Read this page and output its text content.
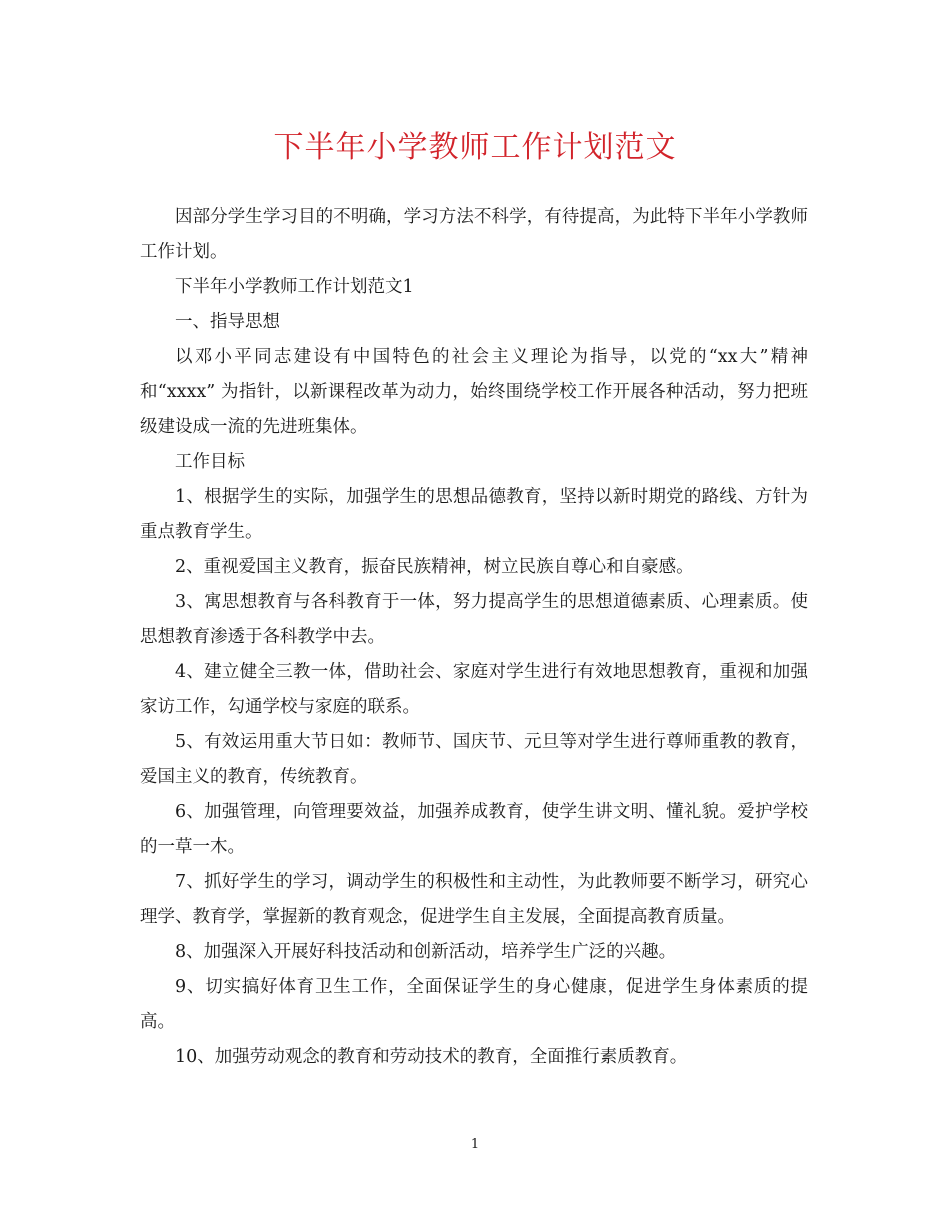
下半年小学教师工作计划范文

因部分学生学习目的不明确，学习方法不科学，有待提高，为此特下半年小学教师工作计划。

下半年小学教师工作计划范文1

一、指导思想

以邓小平同志建设有中国特色的社会主义理论为指导，以党的“xx大”精神和“xxxx” 为指针，以新课程改革为动力，始终围绕学校工作开展各种活动，努力把班级建设成一流的先进班集体。

工作目标

1、根据学生的实际，加强学生的思想品德教育，坚持以新时期党的路线、方针为重点教育学生。

2、重视爱国主义教育，振奋民族精神，树立民族自尊心和自豪感。

3、寓思想教育与各科教育于一体，努力提高学生的思想道德素质、心理素质。使思想教育渗透于各科教学中去。

4、建立健全三教一体，借助社会、家庭对学生进行有效地思想教育，重视和加强家访工作，勾通学校与家庭的联系。

5、有效运用重大节日如：教师节、国庆节、元旦等对学生进行尊师重教的教育，爱国主义的教育，传统教育。

6、加强管理，向管理要效益，加强养成教育，使学生讲文明、懂礼貌。爱护学校的一草一木。

7、抓好学生的学习，调动学生的积极性和主动性，为此教师要不断学习，研究心理学、教育学，掌握新的教育观念，促进学生自主发展，全面提高教育质量。

8、加强深入开展好科技活动和创新活动，培养学生广泛的兴趣。

9、切实搞好体育卫生工作，全面保证学生的身心健康，促进学生身体素质的提高。

10、加强劳动观念的教育和劳动技术的教育，全面推行素质教育。

1
